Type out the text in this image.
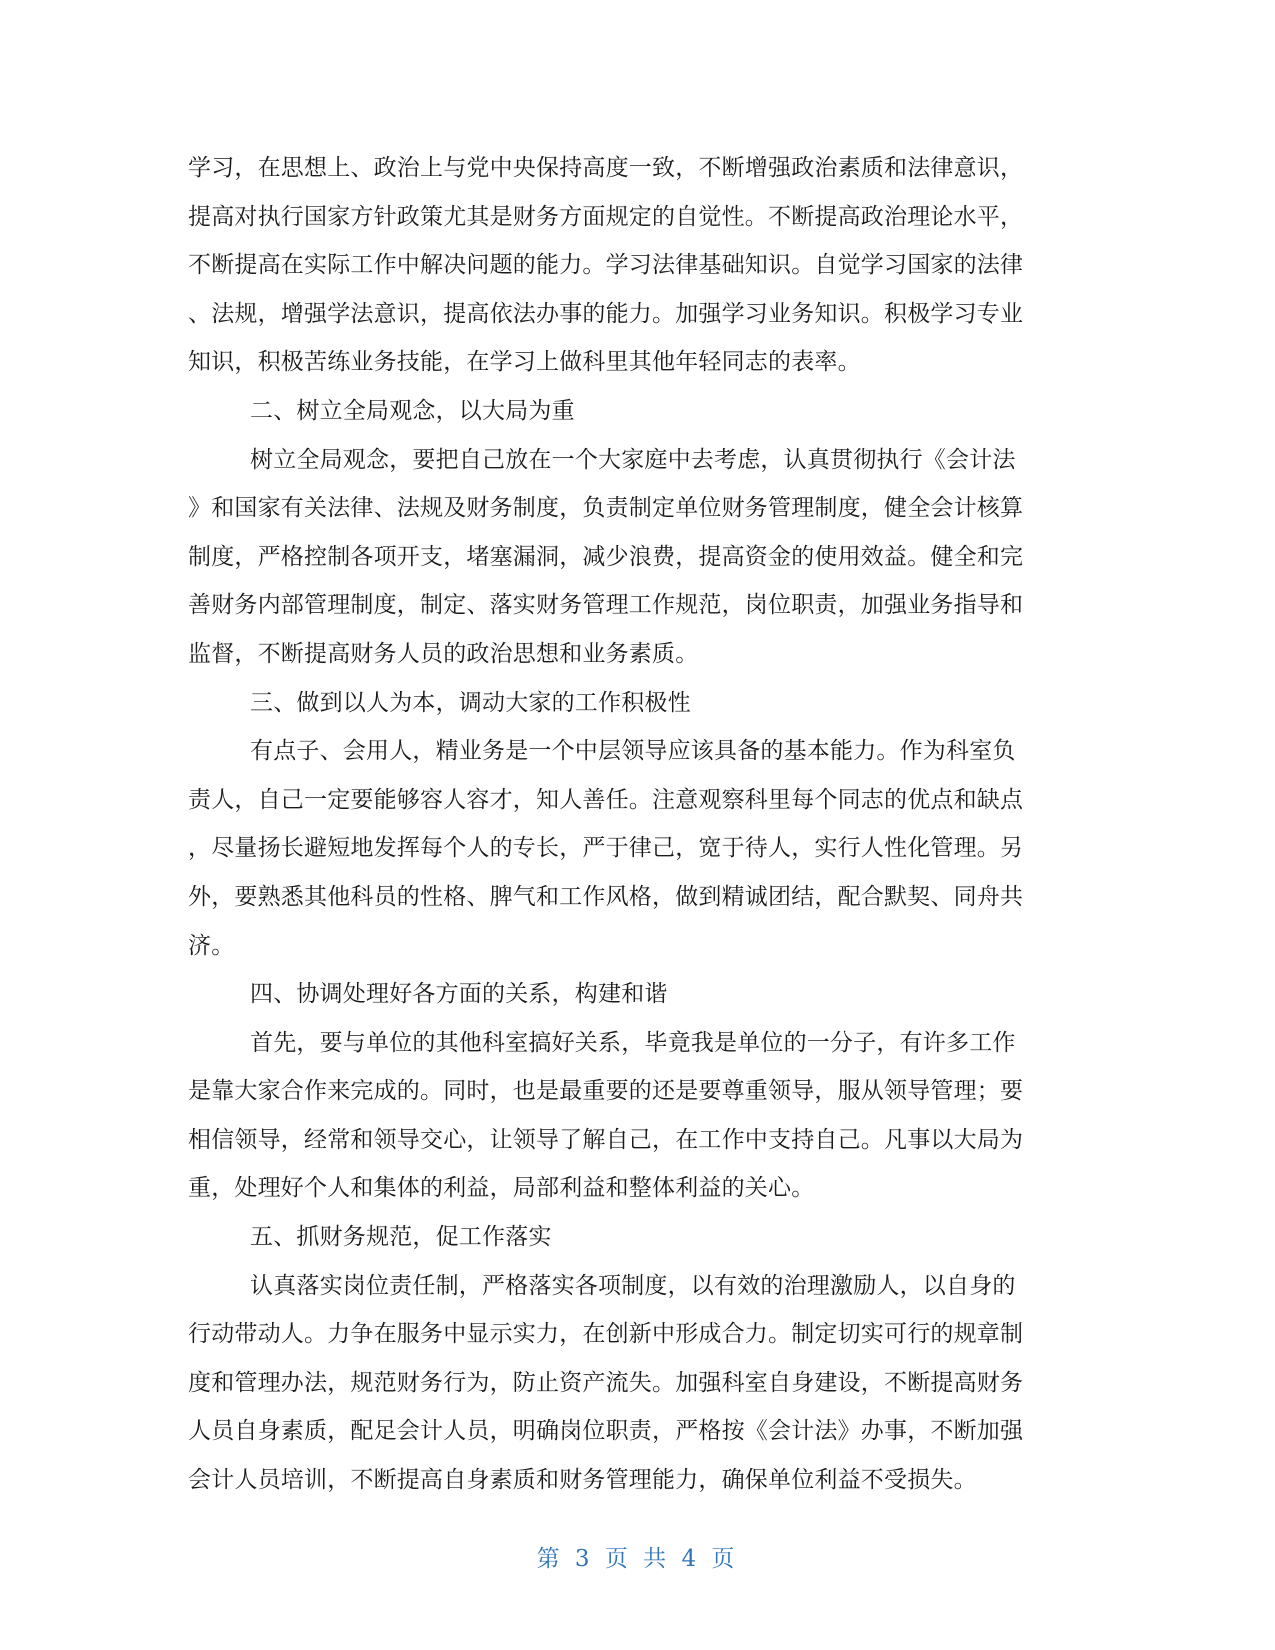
学习，在思想上、政治上与党中央保持高度一致，不断增强政治素质和法律意识，
提高对执行国家方针政策尤其是财务方面规定的自觉性。不断提高政治理论水平，
不断提高在实际工作中解决问题的能力。学习法律基础知识。自觉学习国家的法律
、法规，增强学法意识，提高依法办事的能力。加强学习业务知识。积极学习专业
知识，积极苦练业务技能，在学习上做科里其他年轻同志的表率。
二、树立全局观念，以大局为重
树立全局观念，要把自己放在一个大家庭中去考虑，认真贯彻执行《会计法
》和国家有关法律、法规及财务制度，负责制定单位财务管理制度，健全会计核算
制度，严格控制各项开支，堵塞漏洞，减少浪费，提高资金的使用效益。健全和完
善财务内部管理制度，制定、落实财务管理工作规范，岗位职责，加强业务指导和
监督，不断提高财务人员的政治思想和业务素质。
三、做到以人为本，调动大家的工作积极性
有点子、会用人，精业务是一个中层领导应该具备的基本能力。作为科室负
责人，自己一定要能够容人容才，知人善任。注意观察科里每个同志的优点和缺点
，尽量扬长避短地发挥每个人的专长，严于律己，宽于待人，实行人性化管理。另
外，要熟悉其他科员的性格、脾气和工作风格，做到精诚团结，配合默契、同舟共
济。
四、协调处理好各方面的关系，构建和谐
首先，要与单位的其他科室搞好关系，毕竟我是单位的一分子，有许多工作
是靠大家合作来完成的。同时，也是最重要的还是要尊重领导，服从领导管理；要
相信领导，经常和领导交心，让领导了解自己，在工作中支持自己。凡事以大局为
重，处理好个人和集体的利益，局部利益和整体利益的关心。
五、抓财务规范，促工作落实
认真落实岗位责任制，严格落实各项制度，以有效的治理激励人，以自身的
行动带动人。力争在服务中显示实力，在创新中形成合力。制定切实可行的规章制
度和管理办法，规范财务行为，防止资产流失。加强科室自身建设，不断提高财务
人员自身素质，配足会计人员，明确岗位职责，严格按《会计法》办事，不断加强
会计人员培训，不断提高自身素质和财务管理能力，确保单位利益不受损失。
第 3 页 共 4 页
